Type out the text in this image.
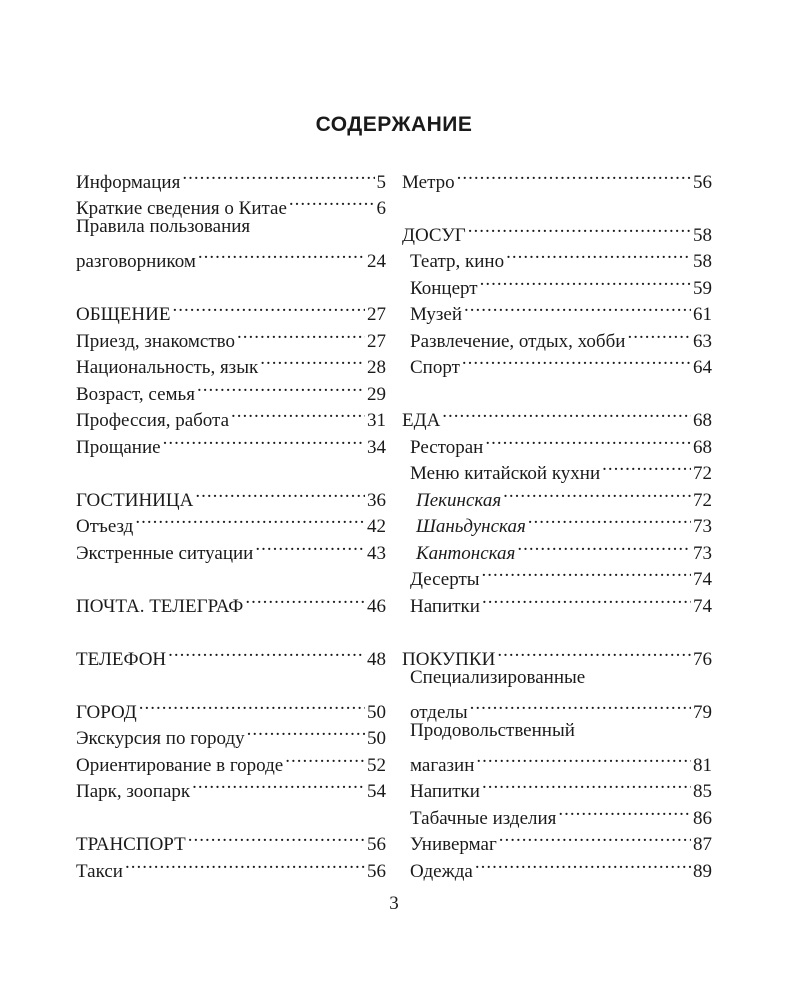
СОДЕРЖАНИЕ
Информация .....	5
Краткие сведения о Китае .....	6
Правила пользования
разговорником .....	24
ОБЩЕНИЕ .....	27
Приезд, знакомство .....	27
Национальность, язык .....	28
Возраст, семья .....	29
Профессия, работа .....	31
Прощание .....	34
ГОСТИНИЦА .....	36
Отъезд .....	42
Экстренные ситуации .....	43
ПОЧТА. ТЕЛЕГРАФ .....	46
ТЕЛЕФОН .....	48
ГОРОД .....	50
Экскурсия по городу .....	50
Ориентирование в городе .....	52
Парк, зоопарк .....	54
ТРАНСПОРТ .....	56
Такси .....	56
Метро .....	56
ДОСУГ .....	58
Театр, кино .....	58
Концерт .....	59
Музей .....	61
Развлечение, отдых, хобби .....	63
Спорт .....	64
ЕДА .....	68
Ресторан .....	68
Меню китайской кухни .....	72
Пекинская .....	72
Шаньдунская .....	73
Кантонская .....	73
Десерты .....	74
Напитки .....	74
ПОКУПКИ .....	76
Специализированные
отделы .....	79
Продовольственный
магазин .....	81
Напитки .....	85
Табачные изделия .....	86
Универмаг .....	87
Одежда .....	89
3
